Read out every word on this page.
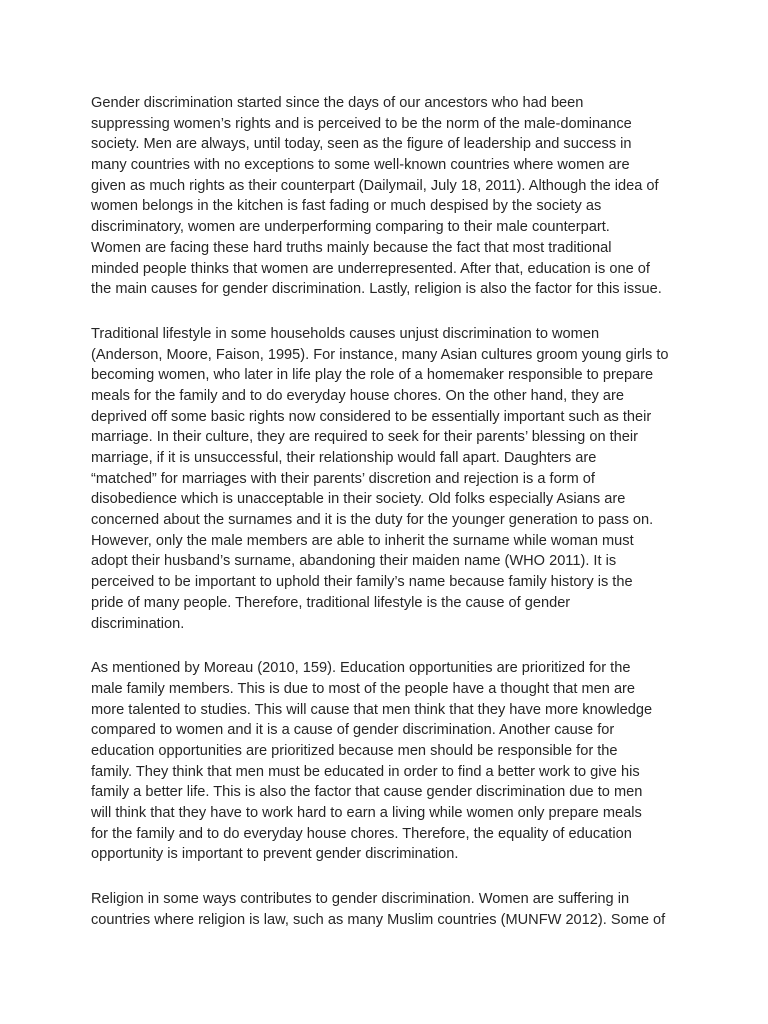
Gender discrimination started since the days of our ancestors who had been
suppressing women’s rights and is perceived to be the norm of the male-dominance
society. Men are always, until today, seen as the figure of leadership and success in
many countries with no exceptions to some well-known countries where women are
given as much rights as their counterpart (Dailymail, July 18, 2011). Although the idea of
women belongs in the kitchen is fast fading or much despised by the society as
discriminatory, women are underperforming comparing to their male counterpart.
Women are facing these hard truths mainly because the fact that most traditional
minded people thinks that women are underrepresented. After that, education is one of
the main causes for gender discrimination. Lastly, religion is also the factor for this issue.

Traditional lifestyle in some households causes unjust discrimination to women
(Anderson, Moore, Faison, 1995). For instance, many Asian cultures groom young girls to
becoming women, who later in life play the role of a homemaker responsible to prepare
meals for the family and to do everyday house chores. On the other hand, they are
deprived off some basic rights now considered to be essentially important such as their
marriage. In their culture, they are required to seek for their parents’ blessing on their
marriage, if it is unsuccessful, their relationship would fall apart. Daughters are
“matched” for marriages with their parents’ discretion and rejection is a form of
disobedience which is unacceptable in their society. Old folks especially Asians are
concerned about the surnames and it is the duty for the younger generation to pass on.
However, only the male members are able to inherit the surname while woman must
adopt their husband’s surname, abandoning their maiden name (WHO 2011). It is
perceived to be important to uphold their family’s name because family history is the
pride of many people. Therefore, traditional lifestyle is the cause of gender
discrimination.

As mentioned by Moreau (2010, 159). Education opportunities are prioritized for the
male family members. This is due to most of the people have a thought that men are
more talented to studies. This will cause that men think that they have more knowledge
compared to women and it is a cause of gender discrimination. Another cause for
education opportunities are prioritized because men should be responsible for the
family. They think that men must be educated in order to find a better work to give his
family a better life. This is also the factor that cause gender discrimination due to men
will think that they have to work hard to earn a living while women only prepare meals
for the family and to do everyday house chores. Therefore, the equality of education
opportunity is important to prevent gender discrimination.

Religion in some ways contributes to gender discrimination. Women are suffering in
countries where religion is law, such as many Muslim countries (MUNFW 2012). Some of
